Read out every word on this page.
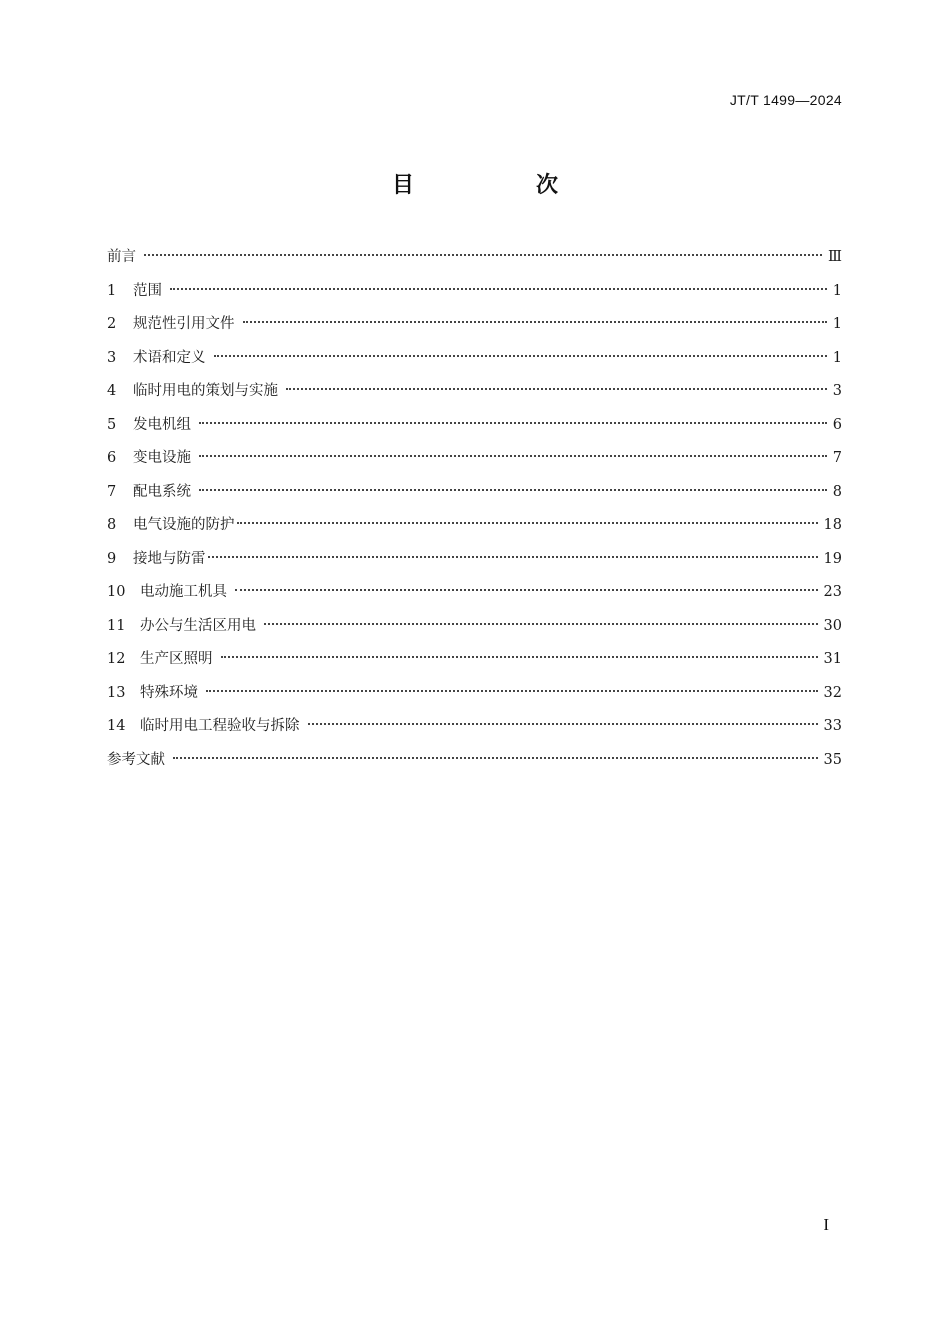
JT/T 1499—2024
目　次
前言	Ⅲ
1	范围	1
2	规范性引用文件	1
3	术语和定义	1
4	临时用电的策划与实施	3
5	发电机组	6
6	变电设施	7
7	配电系统	8
8	电气设施的防护	18
9	接地与防雷	19
10	电动施工机具	23
11	办公与生活区用电	30
12	生产区照明	31
13	特殊环境	32
14	临时用电工程验收与拆除	33
参考文献	35
I
